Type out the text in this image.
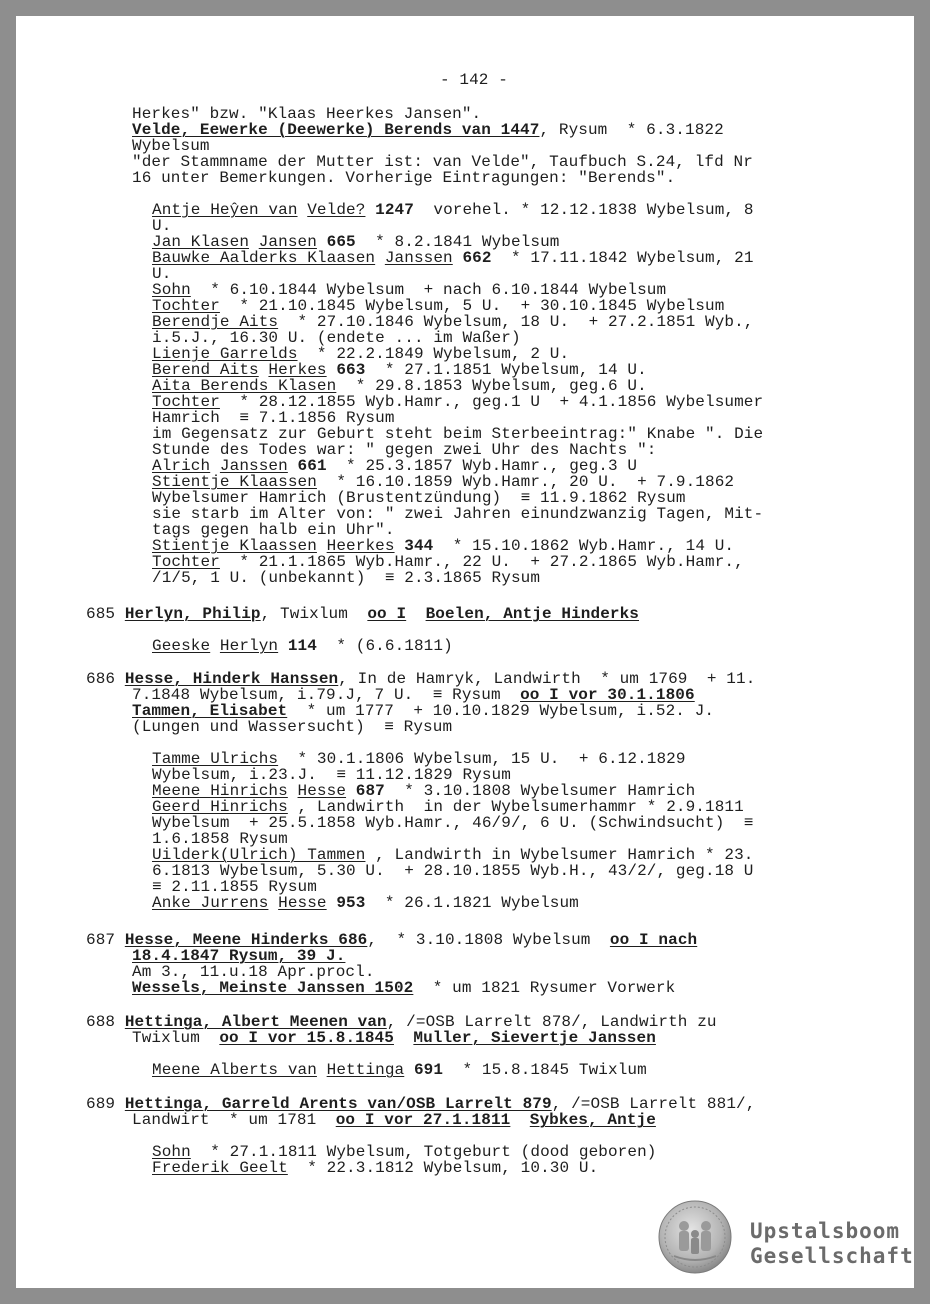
- 142 -
Herkes" bzw. "Klaas Heerkes Jansen".
Velde, Eewerke (Deewerke) Berends van 1447, Rysum  * 6.3.1822
Wybelsum
"der Stammname der Mutter ist: van Velde", Taufbuch S.24, lfd Nr
16 unter Bemerkungen. Vorherige Eintragungen: "Berends".
Antje Heŷen van Velde? 1247  vorehel. * 12.12.1838 Wybelsum, 8
U.
Jan Klasen Jansen 665  * 8.2.1841 Wybelsum
Bauwke Aalderks Klaasen Janssen 662  * 17.11.1842 Wybelsum, 21
U.
Sohn  * 6.10.1844 Wybelsum  + nach 6.10.1844 Wybelsum
Tochter  * 21.10.1845 Wybelsum, 5 U.  + 30.10.1845 Wybelsum
Berendje Aits  * 27.10.1846 Wybelsum, 18 U.  + 27.2.1851 Wyb.,
i.5.J., 16.30 U. (endete ... im Waßer)
Lienje Garrelds  * 22.2.1849 Wybelsum, 2 U.
Berend Aits Herkes 663  * 27.1.1851 Wybelsum, 14 U.
Aita Berends Klasen  * 29.8.1853 Wybelsum, geg.6 U.
Tochter  * 28.12.1855 Wyb.Hamr., geg.1 U  + 4.1.1856 Wybelsumer
Hamrich  ≡ 7.1.1856 Rysum
im Gegensatz zur Geburt steht beim Sterbeeintrag:" Knabe ". Die
Stunde des Todes war: " gegen zwei Uhr des Nachts ":
Alrich Janssen 661  * 25.3.1857 Wyb.Hamr., geg.3 U
Stientje Klaassen  * 16.10.1859 Wyb.Hamr., 20 U.  + 7.9.1862
Wybelsumer Hamrich (Brustentzündung)  ≡ 11.9.1862 Rysum
sie starb im Alter von: " zwei Jahren einundzwanzig Tagen, Mit-
tags gegen halb ein Uhr".
Stientje Klaassen Heerkes 344  * 15.10.1862 Wyb.Hamr., 14 U.
Tochter  * 21.1.1865 Wyb.Hamr., 22 U.  + 27.2.1865 Wyb.Hamr.,
/1/5, 1 U. (unbekannt)  ≡ 2.3.1865 Rysum
685 Herlyn, Philip, Twixlum  oo I Boelen, Antje Hinderks
Geeske Herlyn 114  * (6.6.1811)
686 Hesse, Hinderk Hanssen, In de Hamryk, Landwirth  * um 1769  + 11.
7.1848 Wybelsum, i.79.J, 7 U.  ≡ Rysum  oo I vor 30.1.1806
Tammen, Elisabet  * um 1777  + 10.10.1829 Wybelsum, i.52. J.
(Lungen und Wassersucht)  ≡ Rysum
Tamme Ulrichs  * 30.1.1806 Wybelsum, 15 U.  + 6.12.1829
Wybelsum, i.23.J.  ≡ 11.12.1829 Rysum
Meene Hinrichs Hesse 687  * 3.10.1808 Wybelsumer Hamrich
Geerd Hinrichs , Landwirth  in der Wybelsumerhammr * 2.9.1811
Wybelsum  + 25.5.1858 Wyb.Hamr., 46/9/, 6 U. (Schwindsucht)  ≡
1.6.1858 Rysum
Uilderk(Ulrich) Tammen , Landwirth in Wybelsumer Hamrich * 23.
6.1813 Wybelsum, 5.30 U.  + 28.10.1855 Wyb.H., 43/2/, geg.18 U
≡ 2.11.1855 Rysum
Anke Jurrens Hesse 953  * 26.1.1821 Wybelsum
687 Hesse, Meene Hinderks 686,  * 3.10.1808 Wybelsum  oo I nach
18.4.1847 Rysum, 39 J.
Am 3., 11.u.18 Apr.procl.
Wessels, Meinste Janssen 1502  * um 1821 Rysumer Vorwerk
688 Hettinga, Albert Meenen van, /=OSB Larrelt 878/, Landwirth zu
Twixlum  oo I vor 15.8.1845 Muller, Sievertje Janssen
Meene Alberts van Hettinga 691  * 15.8.1845 Twixlum
689 Hettinga, Garreld Arents van/OSB Larrelt 879, /=OSB Larrelt 881/,
Landwirt  * um 1781  oo I vor 27.1.1811 Sybkes, Antje
Sohn  * 27.1.1811 Wybelsum, Totgeburt (dood geboren)
Frederik Geelt  * 22.3.1812 Wybelsum, 10.30 U.
Upstalsboom
Gesellschaft
